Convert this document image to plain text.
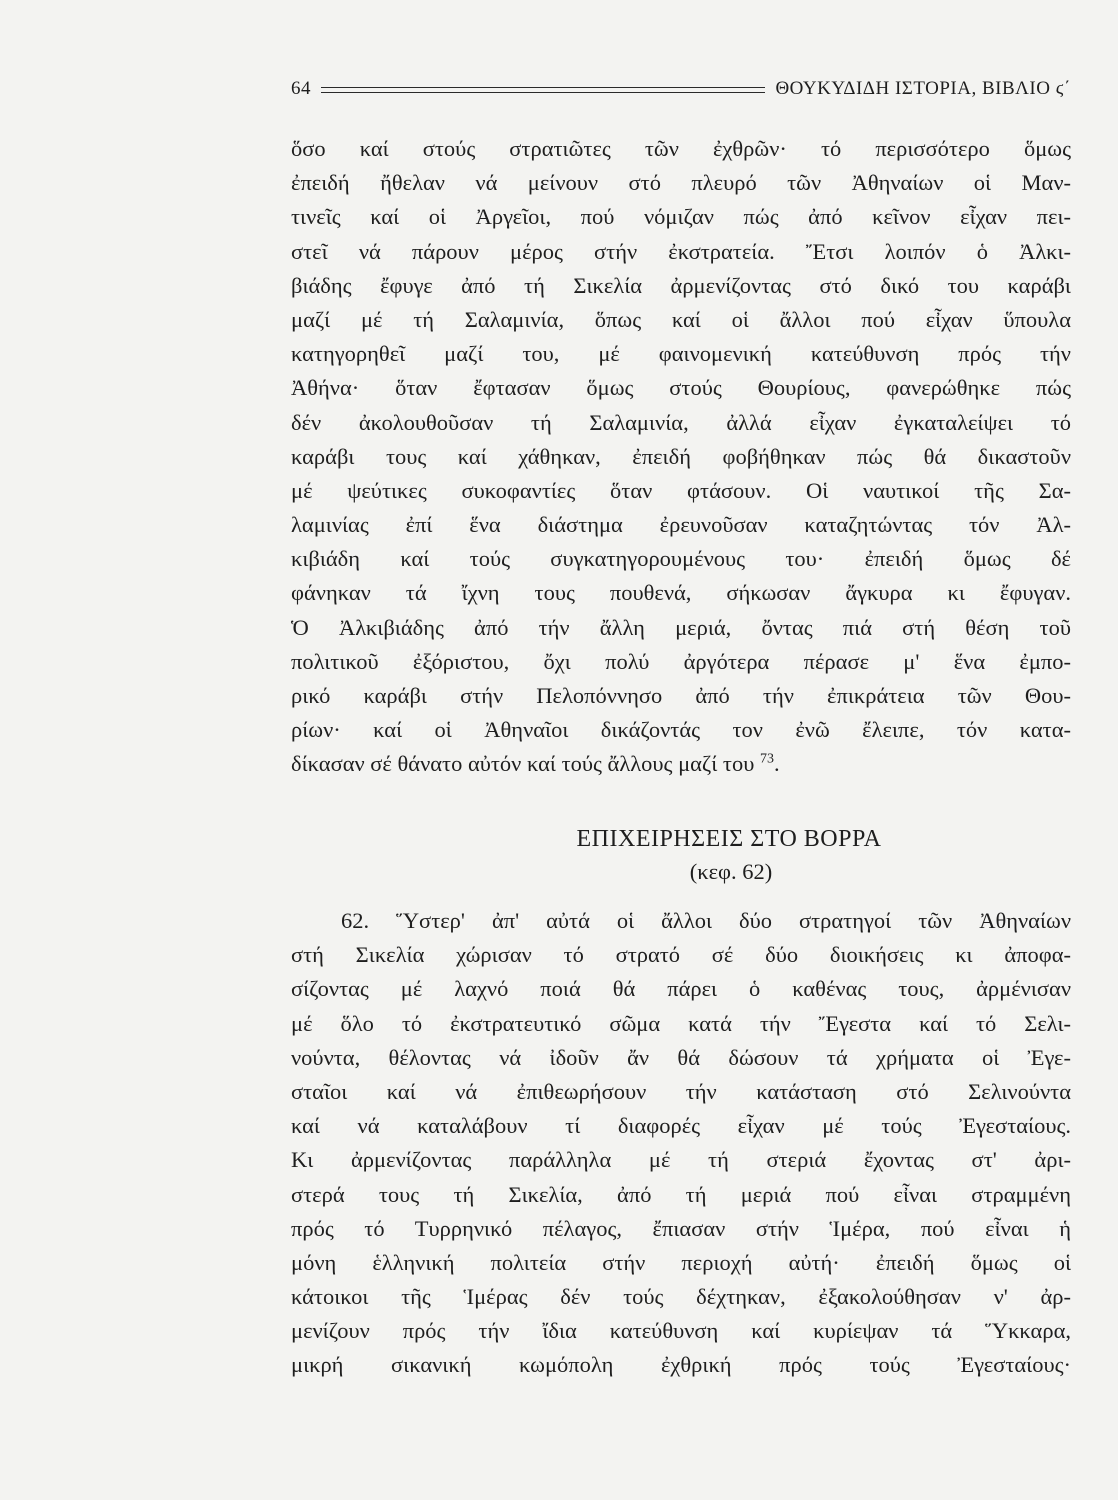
64	ΘΟΥΚΥΔΙΔΗ ΙΣΤΟΡΙΑ, ΒΙΒΛΙΟ ϛ΄
ὅσο καί στούς στρατιῶτες τῶν ἐχθρῶν· τό περισσότερο ὅμως
ἐπειδή ἤθελαν νά μείνουν στό πλευρό τῶν Ἀθηναίων οἱ Μαν-
τινεῖς καί οἱ Ἀργεῖοι, πού νόμιζαν πώς ἀπό κεῖνον εἶχαν πει-
στεῖ νά πάρουν μέρος στήν ἐκστρατεία. Ἔτσι λοιπόν ὁ Ἀλκι-
βιάδης ἔφυγε ἀπό τή Σικελία ἀρμενίζοντας στό δικό του καράβι
μαζί μέ τή Σαλαμινία, ὅπως καί οἱ ἄλλοι πού εἶχαν ὕπουλα
κατηγορηθεῖ μαζί του, μέ φαινομενική κατεύθυνση πρός τήν
Ἀθήνα· ὅταν ἔφτασαν ὅμως στούς Θουρίους, φανερώθηκε πώς
δέν ἀκολουθοῦσαν τή Σαλαμινία, ἀλλά εἶχαν ἐγκαταλείψει τό
καράβι τους καί χάθηκαν, ἐπειδή φοβήθηκαν πώς θά δικαστοῦν
μέ ψεύτικες συκοφαντίες ὅταν φτάσουν. Οἱ ναυτικοί τῆς Σα-
λαμινίας ἐπί ἕνα διάστημα ἐρευνοῦσαν καταζητώντας τόν Ἀλ-
κιβιάδη καί τούς συγκατηγορουμένους του· ἐπειδή ὅμως δέ
φάνηκαν τά ἴχνη τους πουθενά, σήκωσαν ἄγκυρα κι ἔφυγαν.
Ὁ Ἀλκιβιάδης ἀπό τήν ἄλλη μεριά, ὄντας πιά στή θέση τοῦ
πολιτικοῦ ἐξόριστου, ὄχι πολύ ἀργότερα πέρασε μ' ἕνα ἐμπο-
ρικό καράβι στήν Πελοπόννησο ἀπό τήν ἐπικράτεια τῶν Θου-
ρίων· καί οἱ Ἀθηναῖοι δικάζοντάς τον ἐνῶ ἔλειπε, τόν κατα-
δίκασαν σέ θάνατο αὐτόν καί τούς ἄλλους μαζί του $^{73}$.
ΕΠΙΧΕΙΡΗΣΕΙΣ ΣΤΟ ΒΟΡΡΑ
(κεφ. 62)
62. Ὕστερ' ἀπ' αὐτά οἱ ἄλλοι δύο στρατηγοί τῶν Ἀθηναίων
στή Σικελία χώρισαν τό στρατό σέ δύο διοικήσεις κι ἀποφα-
σίζοντας μέ λαχνό ποιά θά πάρει ὁ καθένας τους, ἀρμένισαν
μέ ὅλο τό ἐκστρατευτικό σῶμα κατά τήν Ἔγεστα καί τό Σελι-
νούντα, θέλοντας νά ἰδοῦν ἄν θά δώσουν τά χρήματα οἱ Ἐγε-
σταῖοι καί νά ἐπιθεωρήσουν τήν κατάσταση στό Σελινούντα
καί νά καταλάβουν τί διαφορές εἶχαν μέ τούς Ἐγεσταίους.
Κι ἀρμενίζοντας παράλληλα μέ τή στεριά ἔχοντας στ' ἀρι-
στερά τους τή Σικελία, ἀπό τή μεριά πού εἶναι στραμμένη
πρός τό Τυρρηνικό πέλαγος, ἔπιασαν στήν Ἱμέρα, πού εἶναι ἡ
μόνη ἑλληνική πολιτεία στήν περιοχή αὐτή· ἐπειδή ὅμως οἱ
κάτοικοι τῆς Ἱμέρας δέν τούς δέχτηκαν, ἐξακολούθησαν ν' ἀρ-
μενίζουν πρός τήν ἴδια κατεύθυνση καί κυρίεψαν τά Ὕκκαρα,
μικρή σικανική κωμόπολη ἐχθρική πρός τούς Ἐγεσταίους·
